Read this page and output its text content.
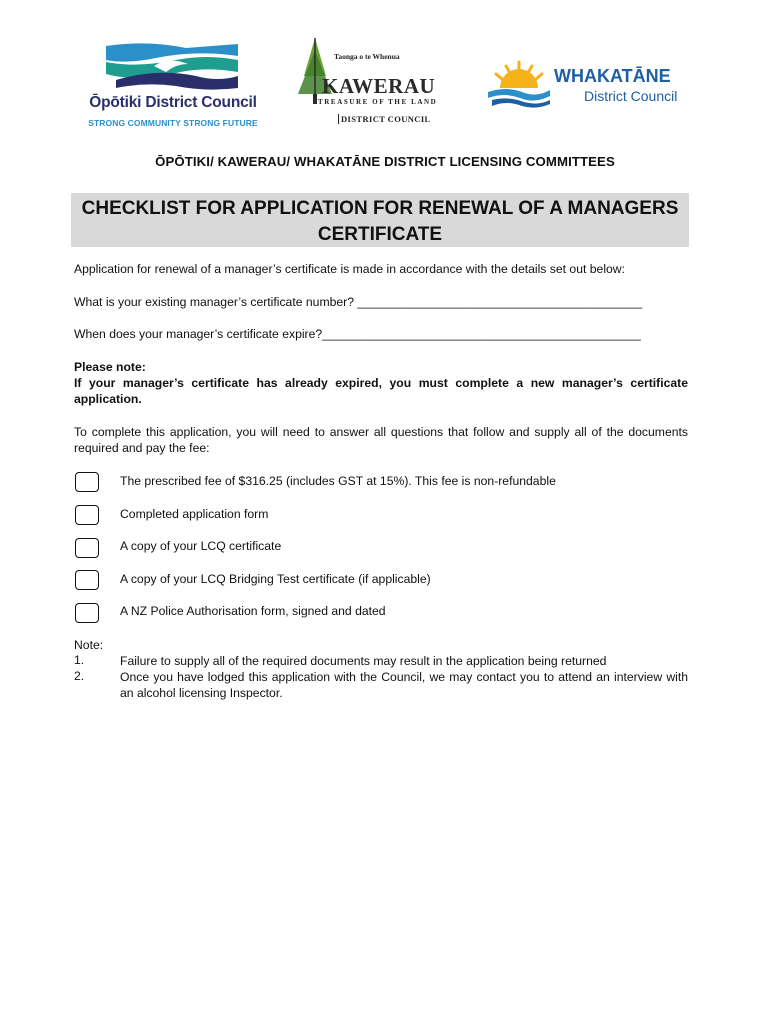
Ōpōtiki District Council
STRONG COMMUNITY STRONG FUTURE
Taonga o te Whenua
KAWERAU
TREASURE OF THE LAND
DISTRICT COUNCIL
WHAKATĀNE
District Council
ŌPŌTIKI/ KAWERAU/ WHAKATĀNE DISTRICT LICENSING COMMITTEES
CHECKLIST FOR APPLICATION FOR RENEWAL OF A MANAGERS CERTIFICATE
Application for renewal of a manager’s certificate is made in accordance with the details set out below:
What is your existing manager’s certificate number? __________________________________________
When does your manager’s certificate expire?_______________________________________________
Please note:
If your manager’s certificate has already expired, you must complete a new manager’s certificate application.
To complete this application, you will need to answer all questions that follow and supply all of the documents required and pay the fee:
The prescribed fee of $316.25 (includes GST at 15%). This fee is non-refundable
Completed application form
A copy of your LCQ certificate
A copy of your LCQ Bridging Test certificate (if applicable)
A NZ Police Authorisation form, signed and dated
Note:
1.	Failure to supply all of the required documents may result in the application being returned
2.	Once you have lodged this application with the Council, we may contact you to attend an interview with an alcohol licensing Inspector.
